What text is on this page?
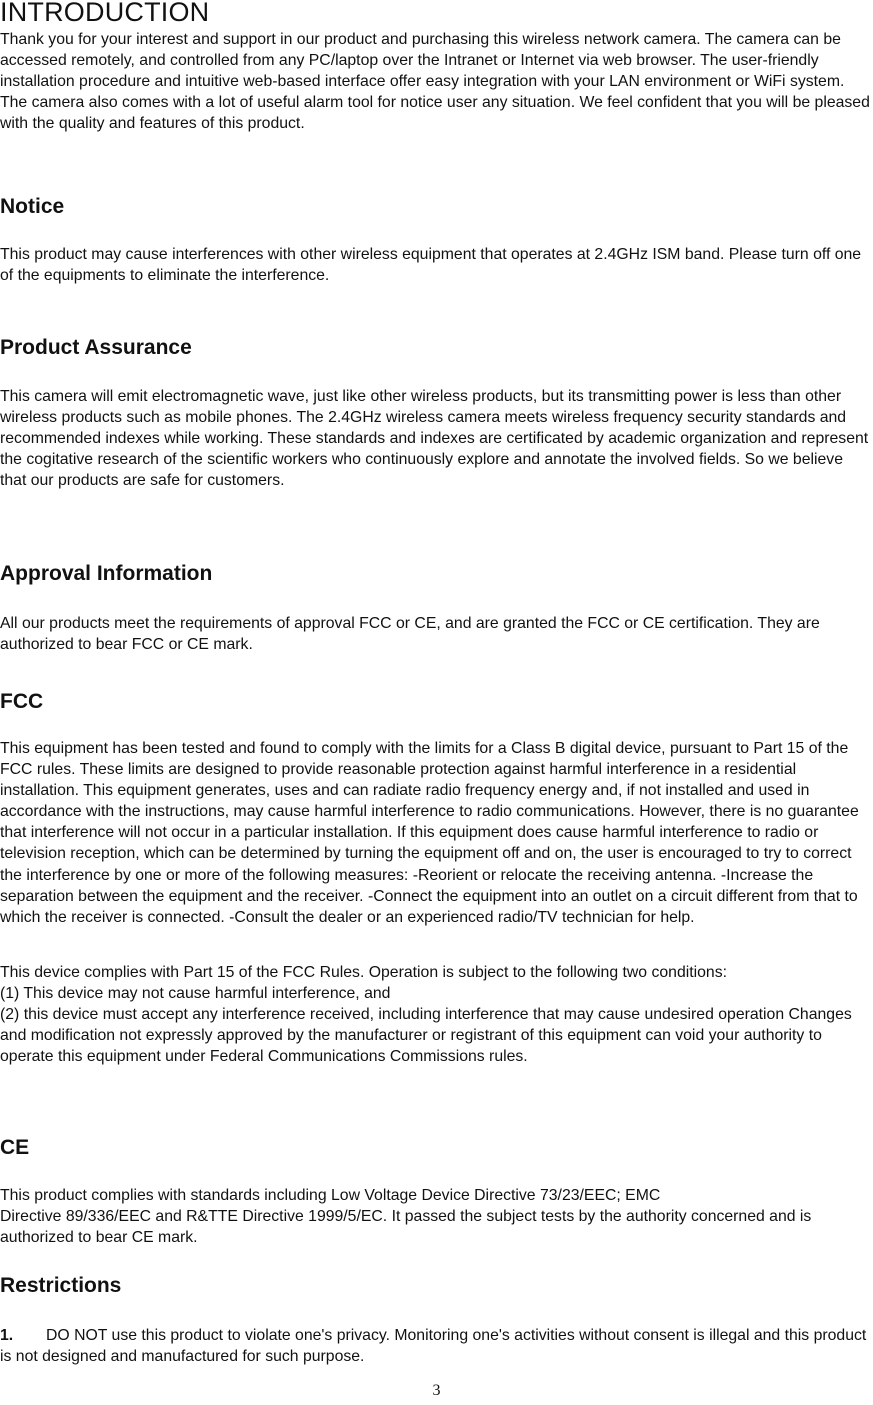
INTRODUCTION

Thank you for your interest and support in our product and purchasing this wireless network camera. The camera can be accessed remotely, and controlled from any PC/laptop over the Intranet or Internet via web browser. The user-friendly installation procedure and intuitive web-based interface offer easy integration with your LAN environment or WiFi system. The camera also comes with a lot of useful alarm tool for notice user any situation. We feel confident that you will be pleased with the quality and features of this product.

Notice

This product may cause interferences with other wireless equipment that operates at 2.4GHz ISM band. Please turn off one of the equipments to eliminate the interference.

Product Assurance

This camera will emit electromagnetic wave, just like other wireless products, but its transmitting power is less than other wireless products such as mobile phones. The 2.4GHz wireless camera meets wireless frequency security standards and recommended indexes while working. These standards and indexes are certificated by academic organization and represent the cogitative research of the scientific workers who continuously explore and annotate the involved fields. So we believe that our products are safe for customers.

Approval Information

All our products meet the requirements of approval FCC or CE, and are granted the FCC or CE certification. They are authorized to bear FCC or CE mark.

FCC

This equipment has been tested and found to comply with the limits for a Class B digital device, pursuant to Part 15 of the FCC rules. These limits are designed to provide reasonable protection against harmful interference in a residential installation. This equipment generates, uses and can radiate radio frequency energy and, if not installed and used in accordance with the instructions, may cause harmful interference to radio communications. However, there is no guarantee that interference will not occur in a particular installation. If this equipment does cause harmful interference to radio or television reception, which can be determined by turning the equipment off and on, the user is encouraged to try to correct the interference by one or more of the following measures: -Reorient or relocate the receiving antenna. -Increase the separation between the equipment and the receiver. -Connect the equipment into an outlet on a circuit different from that to which the receiver is connected. -Consult the dealer or an experienced radio/TV technician for help.

This device complies with Part 15 of the FCC Rules. Operation is subject to the following two conditions:
(1) This device may not cause harmful interference, and
(2) this device must accept any interference received, including interference that may cause undesired operation Changes and modification not expressly approved by the manufacturer or registrant of this equipment can void your authority to operate this equipment under Federal Communications Commissions rules.
CE
This product complies with standards including Low Voltage Device Directive 73/23/EEC; EMC
Directive 89/336/EEC and R&TTE Directive 1999/5/EC. It passed the subject tests by the authority concerned and is authorized to bear CE mark.
Restrictions

1. DO NOT use this product to violate one's privacy. Monitoring one's activities without consent is illegal and this product is not designed and manufactured for such purpose.

3
